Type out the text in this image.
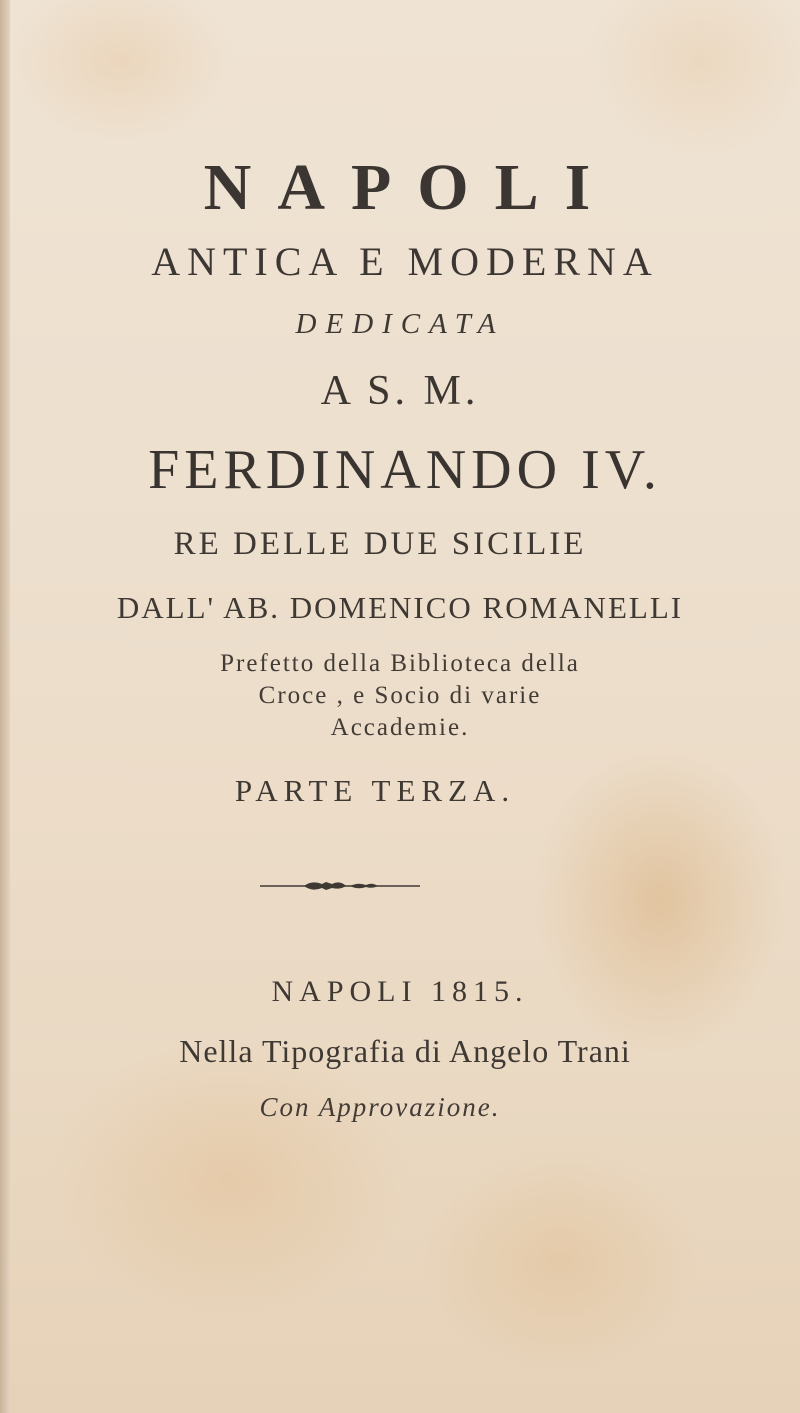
NAPOLI
ANTICA E MODERNA
DEDICATA
A S. M.
FERDINANDO IV.
RE DELLE DUE SICILIE
DALL' AB. DOMENICO ROMANELLI
Prefetto della Biblioteca della
Croce , e Socio di varie
Accademie.
PARTE TERZA.
NAPOLI 1815.
Nella Tipografia di Angelo Trani
Con Approvazione.
